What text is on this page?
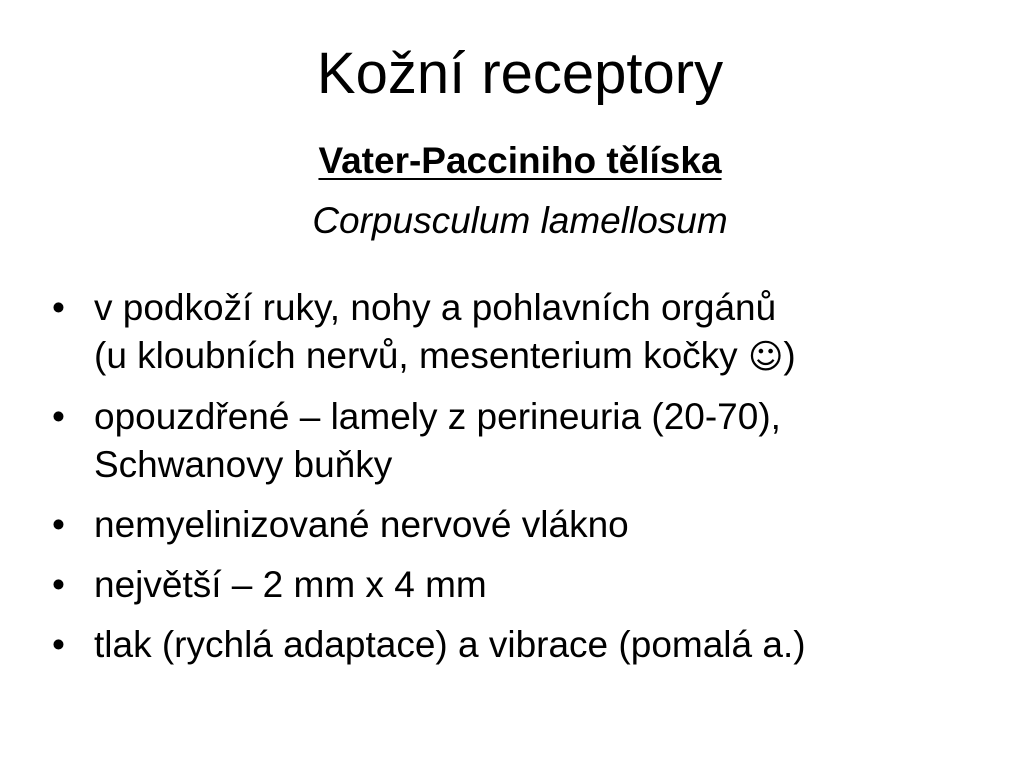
Kožní receptory
Vater-Pacciniho tělíska
Corpusculum lamellosum
• v podkoží ruky, nohy a pohlavních orgánů
(u kloubních nervů, mesenterium kočky ☺)
• opouzdřené – lamely z perineuria (20-70),
Schwanovy buňky
• nemyelinizované nervové vlákno
• největší – 2 mm x 4 mm
• tlak (rychlá adaptace) a vibrace (pomalá a.)
